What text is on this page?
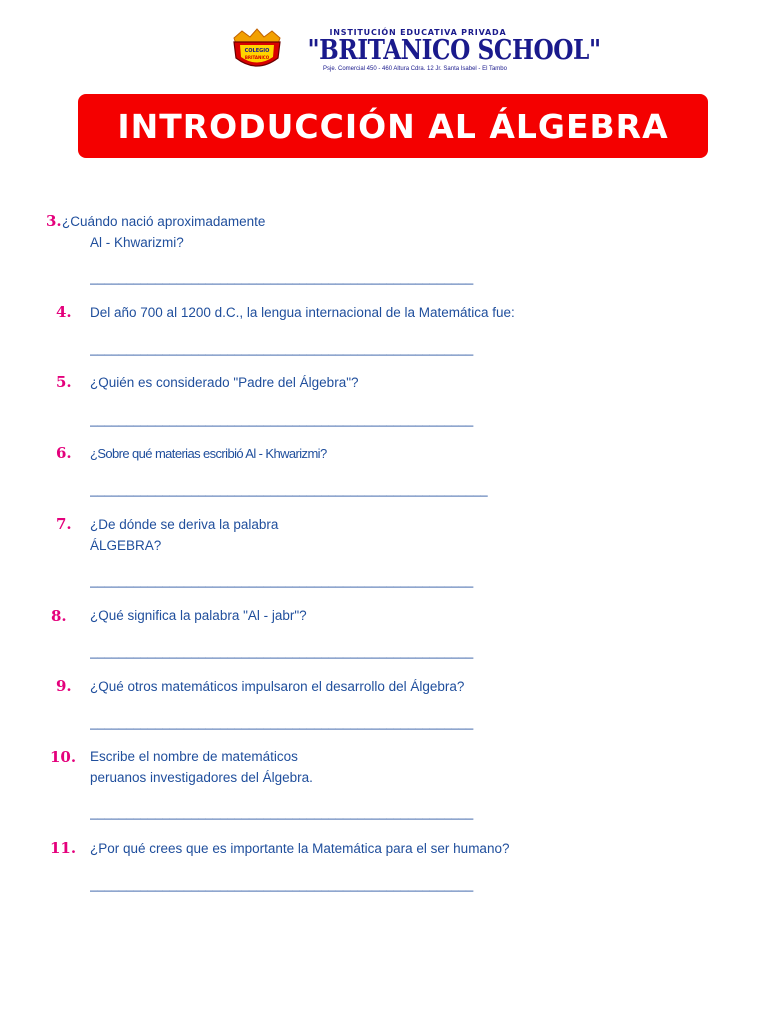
COLEGIO
BRITANICO
INSTITUCIÓN EDUCATIVA PRIVADA
"BRITANICO SCHOOL"
Psje. Comercial 450 - 460 Altura Cdra. 12 Jr. Santa Isabel - El Tambo
INTRODUCCIÓN AL ÁLGEBRA
3. ¿Cuándo nació aproximadamente
Al - Khwarizmi?
_____________________________________________________
4. Del año 700 al 1200 d.C., la lengua internacional de la Matemática fue:
_____________________________________________________
5. ¿Quién es considerado "Padre del Álgebra"?
_____________________________________________________
6. ¿Sobre qué materias escribió Al - Khwarizmi?
_______________________________________________________
7. ¿De dónde se deriva la palabra
ÁLGEBRA?
_____________________________________________________
8. ¿Qué significa la palabra "Al - jabr"?
_____________________________________________________
9. ¿Qué otros matemáticos impulsaron el desarrollo del Álgebra?
_____________________________________________________
10. Escribe el nombre de matemáticos
peruanos investigadores del Álgebra.
_____________________________________________________
11. ¿Por qué crees que es importante la Matemática para el ser humano?
_____________________________________________________
